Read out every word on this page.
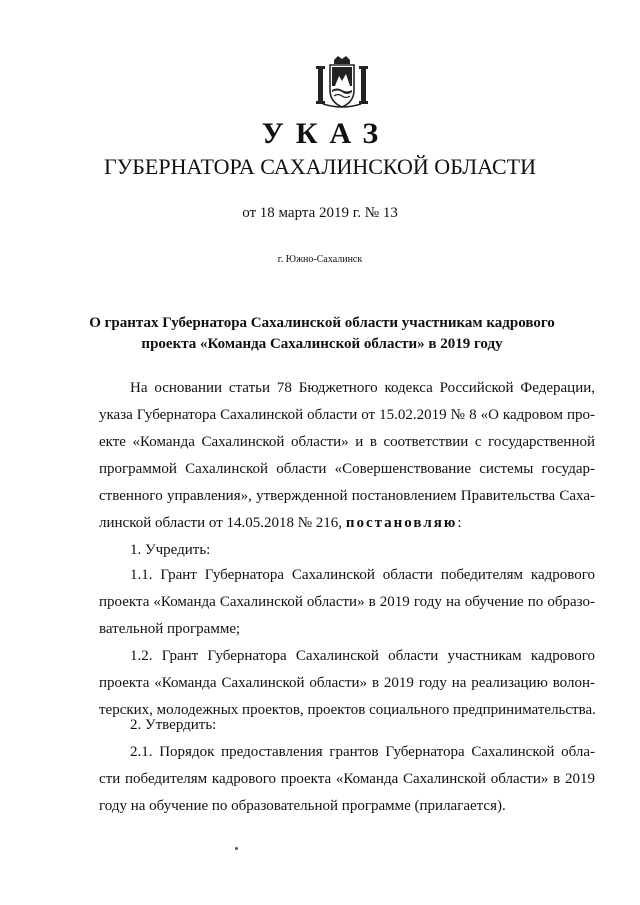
УКАЗ
ГУБЕРНАТОРА САХАЛИНСКОЙ ОБЛАСТИ
от 18 марта 2019 г. № 13
г. Южно-Сахалинск
О грантах Губернатора Сахалинской области участникам кадрового
проекта «Команда Сахалинской области» в 2019 году
На основании статьи 78 Бюджетного кодекса Российской Федерации,
указа Губернатора Сахалинской области от 15.02.2019 № 8 «О кадровом про-
екте «Команда Сахалинской области» и в соответствии с государственной
программой Сахалинской области «Совершенствование системы государ-
ственного управления», утвержденной постановлением Правительства Саха-
линской области от 14.05.2018 № 216, постановляю:
1. Учредить:
1.1. Грант Губернатора Сахалинской области победителям кадрового
проекта «Команда Сахалинской области» в 2019 году на обучение по образо-
вательной программе;
1.2. Грант Губернатора Сахалинской области участникам кадрового
проекта «Команда Сахалинской области» в 2019 году на реализацию волон-
терских, молодежных проектов, проектов социального предпринимательства.
2. Утвердить:
2.1. Порядок предоставления грантов Губернатора Сахалинской обла-
сти победителям кадрового проекта «Команда Сахалинской области» в 2019
году на обучение по образовательной программе (прилагается).
